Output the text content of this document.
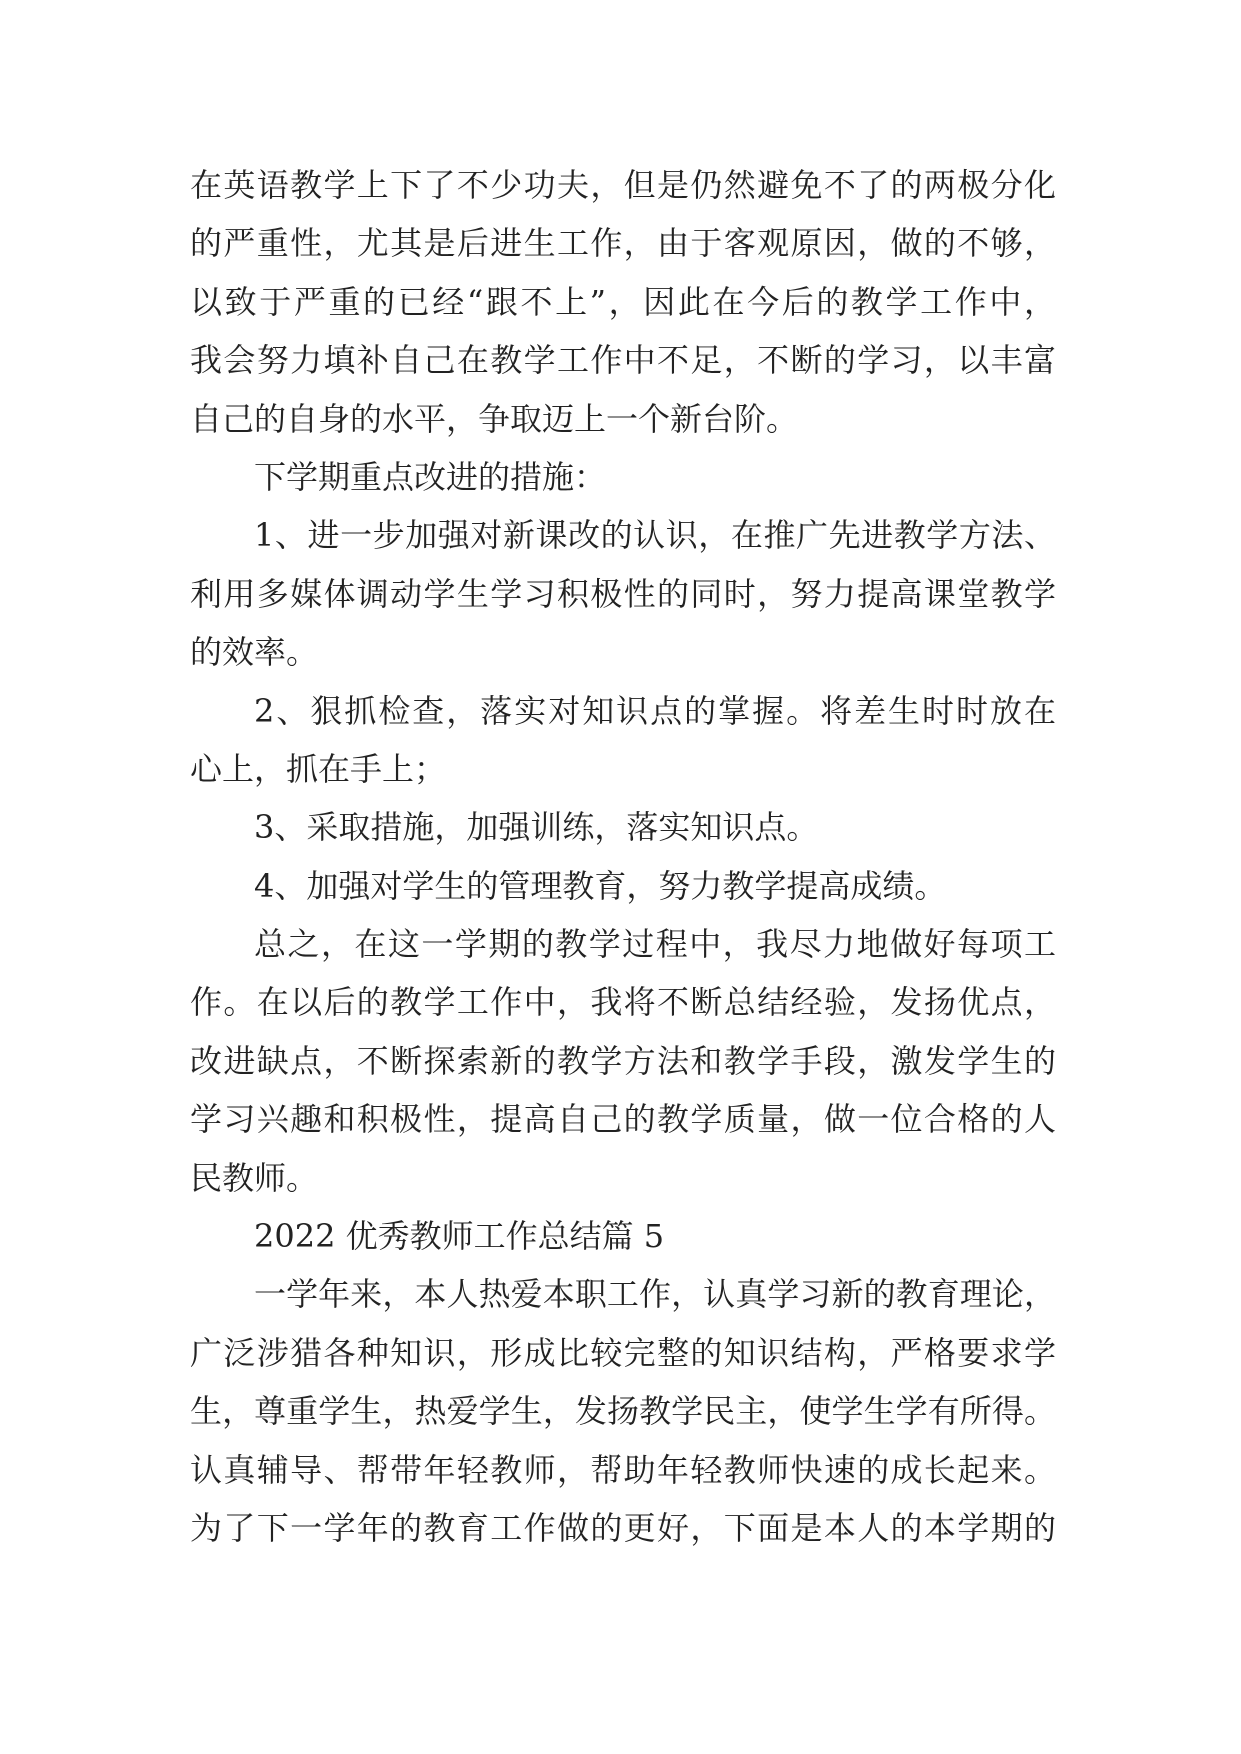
在英语教学上下了不少功夫，但是仍然避免不了的两极分化
的严重性，尤其是后进生工作，由于客观原因，做的不够，
以致于严重的已经“跟不上”，因此在今后的教学工作中，
我会努力填补自己在教学工作中不足，不断的学习，以丰富
自己的自身的水平，争取迈上一个新台阶。
下学期重点改进的措施：
1、进一步加强对新课改的认识，在推广先进教学方法、
利用多媒体调动学生学习积极性的同时，努力提高课堂教学
的效率。
2、狠抓检查，落实对知识点的掌握。将差生时时放在
心上，抓在手上；
3、采取措施，加强训练，落实知识点。
4、加强对学生的管理教育，努力教学提高成绩。
总之，在这一学期的教学过程中，我尽力地做好每项工
作。在以后的教学工作中，我将不断总结经验，发扬优点，
改进缺点，不断探索新的教学方法和教学手段，激发学生的
学习兴趣和积极性，提高自己的教学质量，做一位合格的人
民教师。
2022 优秀教师工作总结篇 5
一学年来，本人热爱本职工作，认真学习新的教育理论，
广泛涉猎各种知识，形成比较完整的知识结构，严格要求学
生，尊重学生，热爱学生，发扬教学民主，使学生学有所得。
认真辅导、帮带年轻教师，帮助年轻教师快速的成长起来。
为了下一学年的教育工作做的更好，下面是本人的本学期的
